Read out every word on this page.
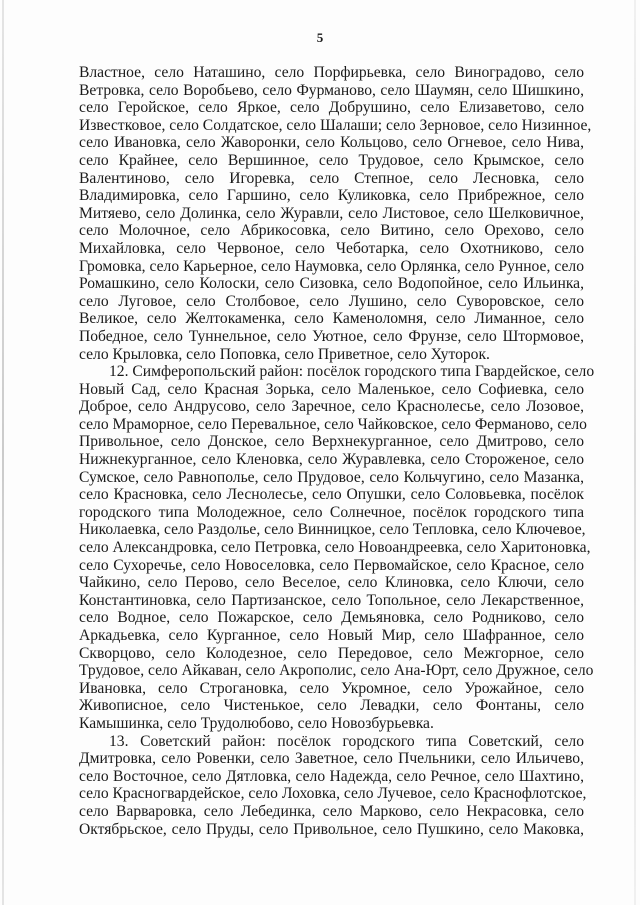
5
Властное, село Наташино, село Порфирьевка, село Виноградово, село
Ветровка, село Воробьево, село Фурманово, село Шаумян, село Шишкино,
село Геройское, село Яркое, село Добрушино, село Елизаветово, село
Известковое, село Солдатское, село Шалаши; село Зерновое, село Низинное,
село Ивановка, село Жаворонки, село Кольцово, село Огневое, село Нива,
село Крайнее, село Вершинное, село Трудовое, село Крымское, село
Валентиново, село Игоревка, село Степное, село Лесновка, село
Владимировка, село Гаршино, село Куликовка, село Прибрежное, село
Митяево, село Долинка, село Журавли, село Листовое, село Шелковичное,
село Молочное, село Абрикосовка, село Витино, село Орехово, село
Михайловка, село Червоное, село Чеботарка, село Охотниково, село
Громовка, село Карьерное, село Наумовка, село Орлянка, село Рунное, село
Ромашкино, село Колоски, село Сизовка, село Водопойное, село Ильинка,
село Луговое, село Столбовое, село Лушино, село Суворовское, село
Великое, село Желтокаменка, село Каменоломня, село Лиманное, село
Победное, село Туннельное, село Уютное, село Фрунзе, село Штормовое,
село Крыловка, село Поповка, село Приветное, село Хуторок.
12. Симферопольский район: посёлок городского типа Гвардейское, село
Новый Сад, село Красная Зорька, село Маленькое, село Софиевка, село
Доброе, село Андрусово, село Заречное, село Краснолесье, село Лозовое,
село Мраморное, село Перевальное, село Чайковское, село Ферманово, село
Привольное, село Донское, село Верхнекурганное, село Дмитрово, село
Нижнекурганное, село Кленовка, село Журавлевка, село Стороженое, село
Сумское, село Равнополье, село Прудовое, село Кольчугино, село Мазанка,
село Красновка, село Леснолесье, село Опушки, село Соловьевка, посёлок
городского типа Молодежное, село Солнечное, посёлок городского типа
Николаевка, село Раздолье, село Винницкое, село Тепловка, село Ключевое,
село Александровка, село Петровка, село Новоандреевка, село Харитоновка,
село Сухоречье, село Новоселовка, село Первомайское, село Красное, село
Чайкино, село Перово, село Веселое, село Клиновка, село Ключи, село
Константиновка, село Партизанское, село Топольное, село Лекарственное,
село Водное, село Пожарское, село Демьяновка, село Родниково, село
Аркадьевка, село Курганное, село Новый Мир, село Шафранное, село
Скворцово, село Колодезное, село Передовое, село Межгорное, село
Трудовое, село Айкаван, село Акрополис, село Ана-Юрт, село Дружное, село
Ивановка, село Строгановка, село Укромное, село Урожайное, село
Живописное, село Чистенькое, село Левадки, село Фонтаны, село
Камышинка, село Трудолюбово, село Новозбурьевка.
13. Советский район: посёлок городского типа Советский, село
Дмитровка, село Ровенки, село Заветное, село Пчельники, село Ильичево,
село Восточное, село Дятловка, село Надежда, село Речное, село Шахтино,
село Красногвардейское, село Лоховка, село Лучевое, село Краснофлотское,
село Варваровка, село Лебединка, село Марково, село Некрасовка, село
Октябрьское, село Пруды, село Привольное, село Пушкино, село Маковка,
